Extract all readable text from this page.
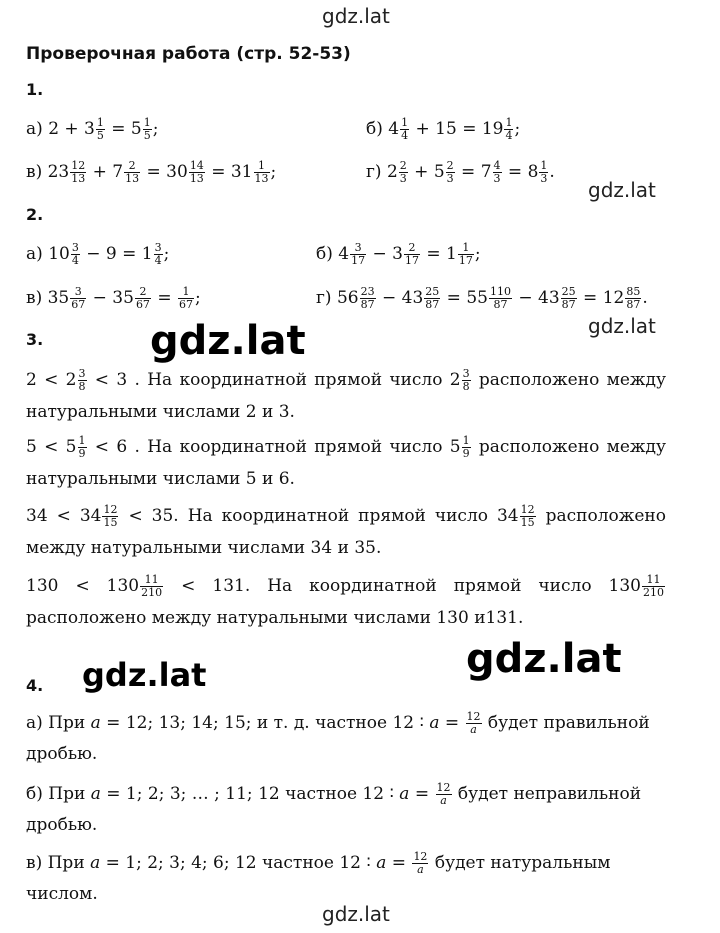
gdz.lat
gdz.lat
gdz.lat
gdz.lat
gdz.lat	gdz.lat
gdz.lat
Проверочная работа (стр. 52-53)
1.
а) $2 + 3 \frac{1}{5} = 5 \frac{1}{5}$ ;	б) $4 \frac{1}{4} + 15 = 19 \frac{1}{4}$ ;
в) $23 \frac{12}{13} + 7 \frac{2}{13} = 30 \frac{14}{13} = 31 \frac{1}{13}$ ;	г) $2 \frac{2}{3} + 5 \frac{2}{3} = 7 \frac{4}{3} = 8 \frac{1}{3}$ .
2.
а) $10 \frac{3}{4} - 9 = 1 \frac{3}{4}$ ;	б) $4 \frac{3}{17} - 3 \frac{2}{17} = 1 \frac{1}{17}$ ;
в) $35 \frac{3}{67} - 35 \frac{2}{67} = \frac{1}{67}$ ;	г) $56 \frac{23}{87} - 43 \frac{25}{87} = 55 \frac{110}{87} - 43 \frac{25}{87} = 12 \frac{85}{87}$ .
3.
$2 < 2 \frac{3}{8} < 3$ . На координатной прямой число $2 \frac{3}{8}$ расположено между натуральными числами 2 и 3.
$5 < 5 \frac{1}{9} < 6$ . На координатной прямой число $5 \frac{1}{9}$ расположено между натуральными числами 5 и 6.
$34 < 34 \frac{12}{15} < 35$. На координатной прямой число $34 \frac{12}{15}$ расположено между натуральными числами 34 и 35.
$130 < 130 \frac{11}{210} < 131$. На координатной прямой число $130 \frac{11}{210}$
расположено между натуральными числами 130 и131.
4.
а) При a = 12; 13; 14; 15; и т. д. частное 12 ∶ $a = \frac{12}{a}$ будет правильной дробью.
б) При a = 1; 2; 3; … ; 11; 12 частное 12 ∶ $a = \frac{12}{a}$ будет неправильной дробью.
в) При a = 1; 2; 3; 4; 6; 12 частное 12 ∶ $a = \frac{12}{a}$ будет натуральным числом.
